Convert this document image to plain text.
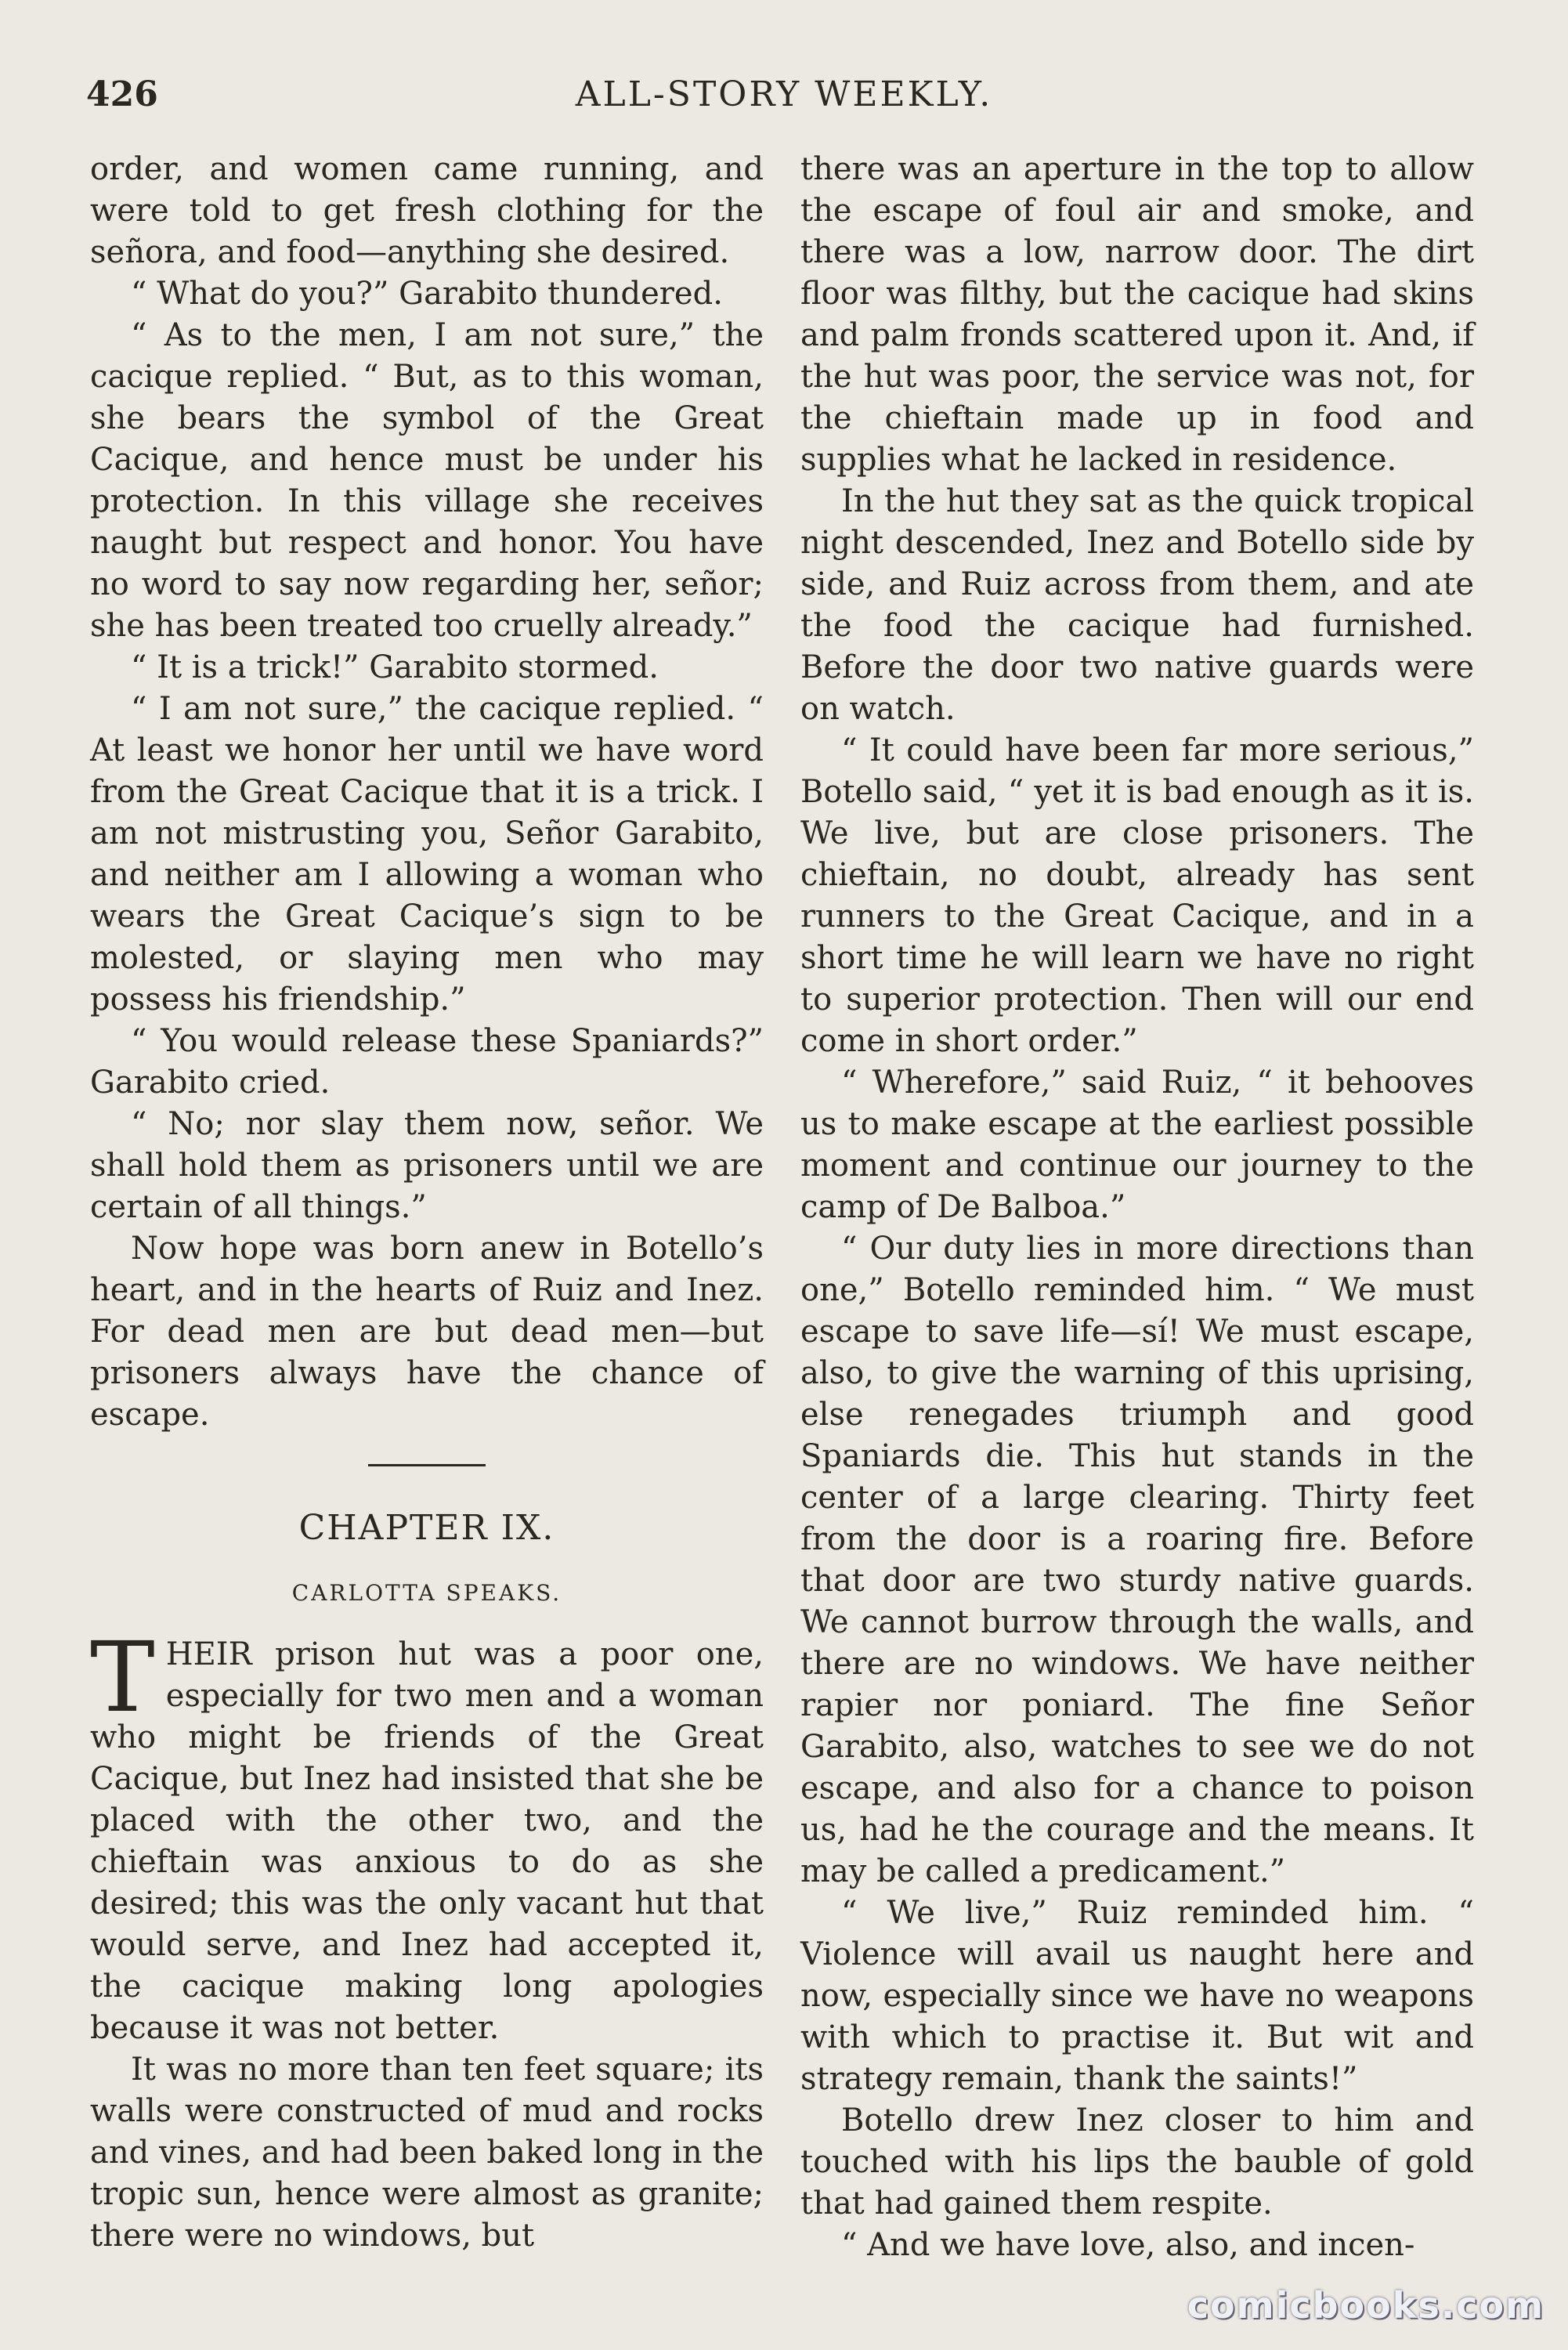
426	ALL-STORY WEEKLY.

order, and women came running, and were told to get fresh clothing for the señora, and food—anything she desired.

“ What do you?” Garabito thundered.

“ As to the men, I am not sure,” the cacique replied. “ But, as to this woman, she bears the symbol of the Great Cacique, and hence must be under his protection. In this village she receives naught but respect and honor. You have no word to say now regarding her, señor; she has been treated too cruelly already.”

“ It is a trick!” Garabito stormed.

“ I am not sure,” the cacique replied. “ At least we honor her until we have word from the Great Cacique that it is a trick. I am not mistrusting you, Señor Garabito, and neither am I allowing a woman who wears the Great Cacique’s sign to be molested, or slaying men who may possess his friendship.”

“ You would release these Spaniards?” Garabito cried.

“ No; nor slay them now, señor. We shall hold them as prisoners until we are certain of all things.”

Now hope was born anew in Botello’s heart, and in the hearts of Ruiz and Inez. For dead men are but dead men—but prisoners always have the chance of escape.

CHAPTER IX.
CARLOTTA SPEAKS.

THEIR prison hut was a poor one, especially for two men and a woman who might be friends of the Great Cacique, but Inez had insisted that she be placed with the other two, and the chieftain was anxious to do as she desired; this was the only vacant hut that would serve, and Inez had accepted it, the cacique making long apologies because it was not better.

It was no more than ten feet square; its walls were constructed of mud and rocks and vines, and had been baked long in the tropic sun, hence were almost as granite; there were no windows, but

there was an aperture in the top to allow the escape of foul air and smoke, and there was a low, narrow door. The dirt floor was filthy, but the cacique had skins and palm fronds scattered upon it. And, if the hut was poor, the service was not, for the chieftain made up in food and supplies what he lacked in residence.

In the hut they sat as the quick tropical night descended, Inez and Botello side by side, and Ruiz across from them, and ate the food the cacique had furnished. Before the door two native guards were on watch.

“ It could have been far more serious,” Botello said, “ yet it is bad enough as it is. We live, but are close prisoners. The chieftain, no doubt, already has sent runners to the Great Cacique, and in a short time he will learn we have no right to superior protection. Then will our end come in short order.”

“ Wherefore,” said Ruiz, “ it behooves us to make escape at the earliest possible moment and continue our journey to the camp of De Balboa.”

“ Our duty lies in more directions than one,” Botello reminded him. “ We must escape to save life—sí! We must escape, also, to give the warning of this uprising, else renegades triumph and good Spaniards die. This hut stands in the center of a large clearing. Thirty feet from the door is a roaring fire. Before that door are two sturdy native guards. We cannot burrow through the walls, and there are no windows. We have neither rapier nor poniard. The fine Señor Garabito, also, watches to see we do not escape, and also for a chance to poison us, had he the courage and the means. It may be called a predicament.”

“ We live,” Ruiz reminded him. “ Violence will avail us naught here and now, especially since we have no weapons with which to practise it. But wit and strategy remain, thank the saints!”

Botello drew Inez closer to him and touched with his lips the bauble of gold that had gained them respite.

“ And we have love, also, and incen-

comicbooks.com
